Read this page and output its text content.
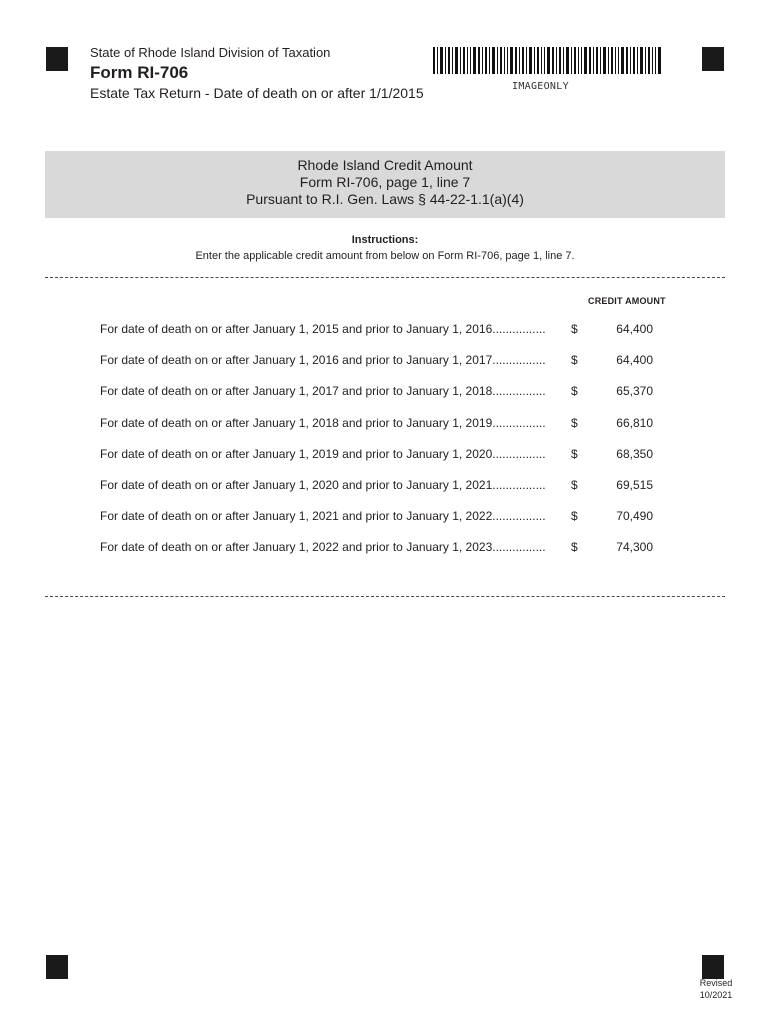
State of Rhode Island Division of Taxation
Form RI-706
Estate Tax Return - Date of death on or after 1/1/2015	IMAGEONLY
Rhode Island Credit Amount
Form RI-706, page 1, line 7
Pursuant to R.I. Gen. Laws § 44-22-1.1(a)(4)
Instructions:
Enter the applicable credit amount from below on Form RI-706, page 1, line 7.
CREDIT AMOUNT
For date of death on or after January 1, 2015 and prior to January 1, 2016................ $	64,400
For date of death on or after January 1, 2016 and prior to January 1, 2017................ $	64,400
For date of death on or after January 1, 2017 and prior to January 1, 2018................ $	65,370
For date of death on or after January 1, 2018 and prior to January 1, 2019................ $	66,810
For date of death on or after January 1, 2019 and prior to January 1, 2020................ $	68,350
For date of death on or after January 1, 2020 and prior to January 1, 2021................ $	69,515
For date of death on or after January 1, 2021 and prior to January 1, 2022................ $	70,490
For date of death on or after January 1, 2022 and prior to January 1, 2023................ $	74,300
Revised
10/2021
